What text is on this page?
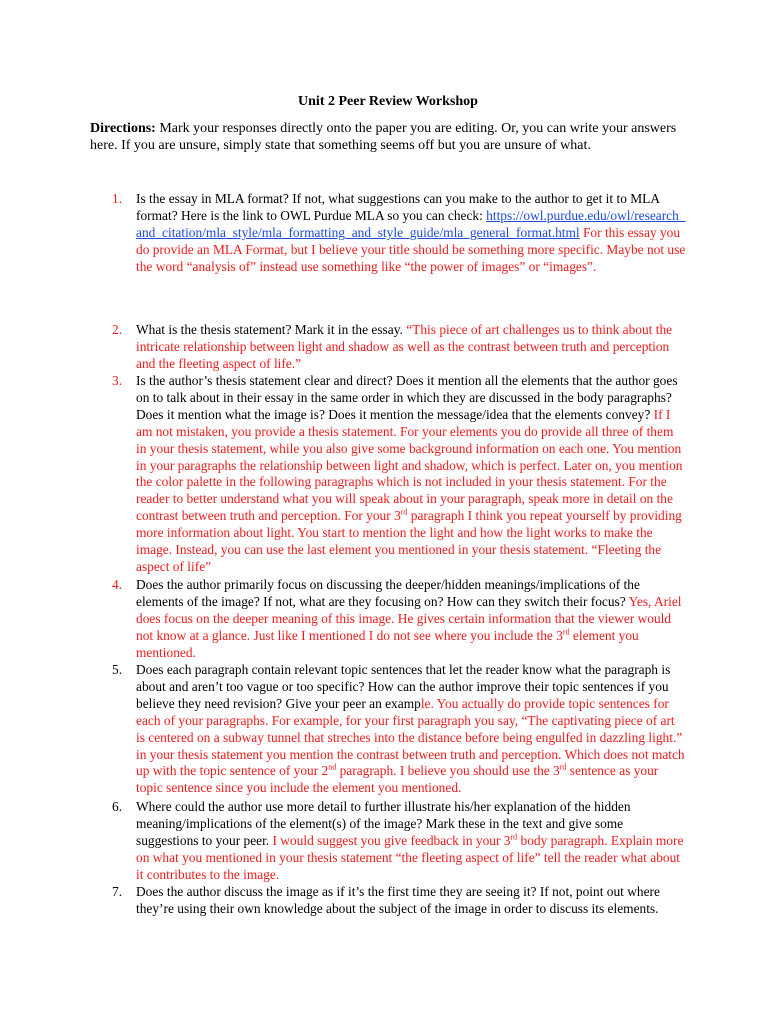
Unit 2 Peer Review Workshop

Directions: Mark your responses directly onto the paper you are editing. Or, you can write your answers here. If you are unsure, simply state that something seems off but you are unsure of what.

1.	Is the essay in MLA format? If not, what suggestions can you make to the author to get it to MLA format? Here is the link to OWL Purdue MLA so you can check: https://owl.purdue.edu/owl/research_and_citation/mla_style/mla_formatting_and_style_guide/mla_general_format.html For this essay you do provide an MLA Format, but I believe your title should be something more specific. Maybe not use the word “analysis of” instead use something like “the power of images” or “images”.
2.	What is the thesis statement? Mark it in the essay. “This piece of art challenges us to think about the intricate relationship between light and shadow as well as the contrast between truth and perception and the fleeting aspect of life.”
3.	Is the author’s thesis statement clear and direct? Does it mention all the elements that the author goes on to talk about in their essay in the same order in which they are discussed in the body paragraphs? Does it mention what the image is? Does it mention the message/idea that the elements convey? If I am not mistaken, you provide a thesis statement. For your elements you do provide all three of them in your thesis statement, while you also give some background information on each one. You mention in your paragraphs the relationship between light and shadow, which is perfect. Later on, you mention the color palette in the following paragraphs which is not included in your thesis statement. For the reader to better understand what you will speak about in your paragraph, speak more in detail on the contrast between truth and perception. For your 3rd paragraph I think you repeat yourself by providing more information about light. You start to mention the light and how the light works to make the image. Instead, you can use the last element you mentioned in your thesis statement. “Fleeting the aspect of life”
4.	Does the author primarily focus on discussing the deeper/hidden meanings/implications of the elements of the image? If not, what are they focusing on? How can they switch their focus? Yes, Ariel does focus on the deeper meaning of this image. He gives certain information that the viewer would not know at a glance. Just like I mentioned I do not see where you include the 3rd element you mentioned.
5.	Does each paragraph contain relevant topic sentences that let the reader know what the paragraph is about and aren’t too vague or too specific? How can the author improve their topic sentences if you believe they need revision? Give your peer an example. You actually do provide topic sentences for each of your paragraphs. For example, for your first paragraph you say, “The captivating piece of art is centered on a subway tunnel that streches into the distance before being engulfed in dazzling light.” in your thesis statement you mention the contrast between truth and perception. Which does not match up with the topic sentence of your 2nd paragraph. I believe you should use the 3rd sentence as your topic sentence since you include the element you mentioned.
6.	Where could the author use more detail to further illustrate his/her explanation of the hidden meaning/implications of the element(s) of the image? Mark these in the text and give some suggestions to your peer. I would suggest you give feedback in your 3rd body paragraph. Explain more on what you mentioned in your thesis statement “the fleeting aspect of life” tell the reader what about it contributes to the image.
7.	Does the author discuss the image as if it’s the first time they are seeing it? If not, point out where they’re using their own knowledge about the subject of the image in order to discuss its elements.
